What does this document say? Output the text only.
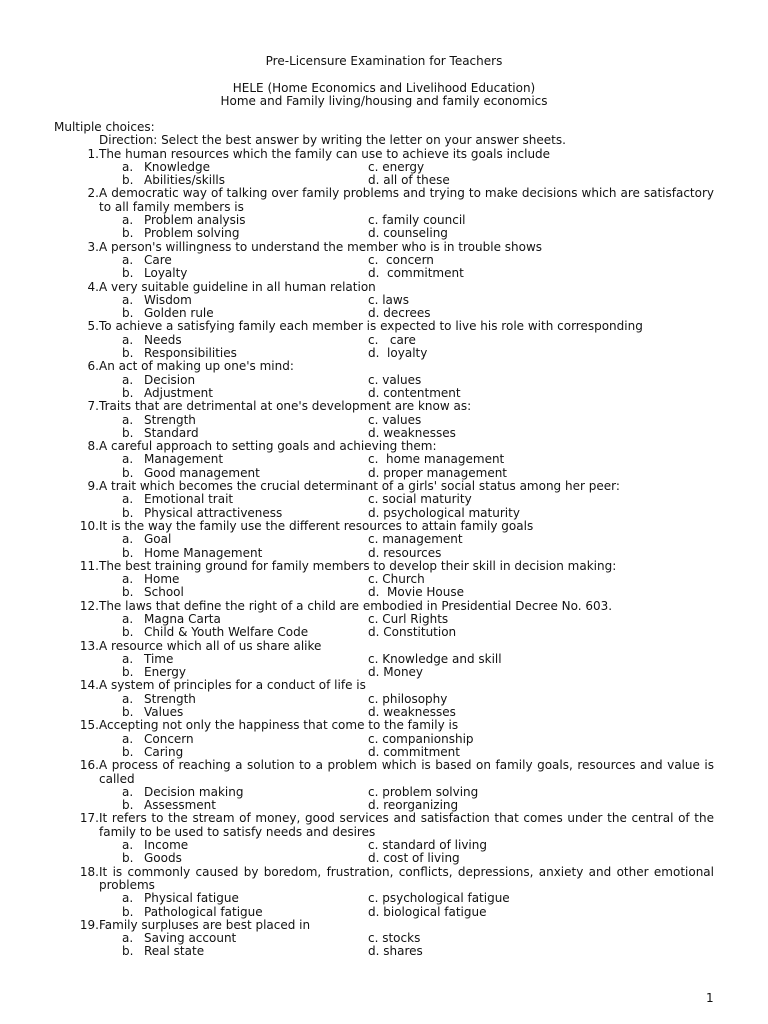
Pre-Licensure Examination for Teachers
HELE (Home Economics and Livelihood Education)
Home and Family living/housing and family economics
Multiple choices:
Direction: Select the best answer by writing the letter on your answer sheets.
1. The human resources which the family can use to achieve its goals include
a. Knowledge	c. energy
b. Abilities/skills	d. all of these
2. A democratic way of talking over family problems and trying to make decisions which are satisfactory to all family members is
a. Problem analysis	c. family council
b. Problem solving	d. counseling
3. A person's willingness to understand the member who is in trouble shows
a. Care	c.  concern
b. Loyalty	d.  commitment
4. A very suitable guideline in all human relation
a. Wisdom	c. laws
b. Golden rule	d. decrees
5. To achieve a satisfying family each member is expected to live his role with corresponding
a. Needs	c.   care
b. Responsibilities	d.  loyalty
6. An act of making up one's mind:
a. Decision	c. values
b. Adjustment	d. contentment
7. Traits that are detrimental at one's development are know as:
a. Strength	c. values
b. Standard	d. weaknesses
8. A careful approach to setting goals and achieving them:
a. Management	c.  home management
b. Good management	d. proper management
9. A trait which becomes the crucial determinant of a girls' social status among her peer:
a. Emotional trait	c. social maturity
b. Physical attractiveness	d. psychological maturity
10. It is the way the family use the different resources to attain family goals
a. Goal	c. management
b. Home Management	d. resources
11. The best training ground for family members to develop their skill in decision making:
a. Home	c. Church
b. School	d.  Movie House
12. The laws that define the right of a child are embodied in Presidential Decree No. 603.
a. Magna Carta	c. Curl Rights
b. Child & Youth Welfare Code	d. Constitution
13. A resource which all of us share alike
a. Time	c. Knowledge and skill
b. Energy	d. Money
14. A system of principles for a conduct of life is
a. Strength	c. philosophy
b. Values	d. weaknesses
15. Accepting not only the happiness that come to the family is
a. Concern	c. companionship
b. Caring	d. commitment
16. A process of reaching a solution to a problem which is based on family goals, resources and value is called
a. Decision making	c. problem solving
b. Assessment	d. reorganizing
17. It refers to the stream of money, good services and satisfaction that comes under the central of the family to be used to satisfy needs and desires
a. Income	c. standard of living
b. Goods	d. cost of living
18. It is commonly caused by boredom, frustration, conflicts, depressions, anxiety and other emotional problems
a. Physical fatigue	c. psychological fatigue
b. Pathological fatigue	d. biological fatigue
19. Family surpluses are best placed in
a. Saving account	c. stocks
b. Real state	d. shares
1
